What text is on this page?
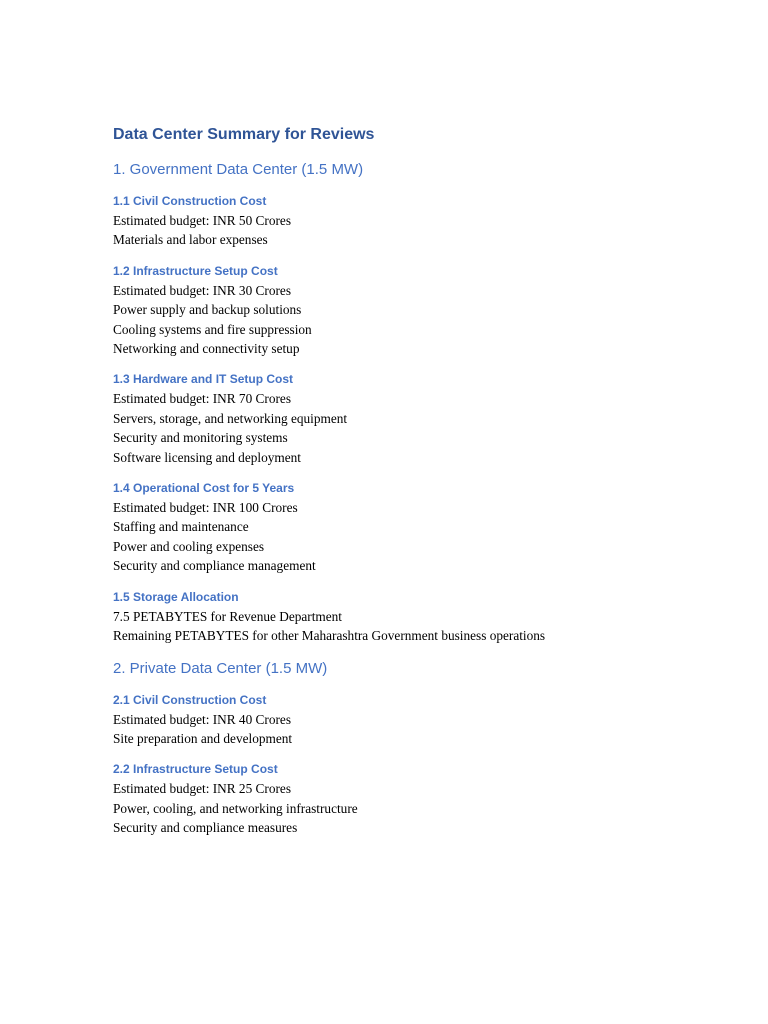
Data Center Summary for Reviews
1. Government Data Center (1.5 MW)
1.1 Civil Construction Cost
Estimated budget: INR 50 Crores
Materials and labor expenses
1.2 Infrastructure Setup Cost
Estimated budget: INR 30 Crores
Power supply and backup solutions
Cooling systems and fire suppression
Networking and connectivity setup
1.3 Hardware and IT Setup Cost
Estimated budget: INR 70 Crores
Servers, storage, and networking equipment
Security and monitoring systems
Software licensing and deployment
1.4 Operational Cost for 5 Years
Estimated budget: INR 100 Crores
Staffing and maintenance
Power and cooling expenses
Security and compliance management
1.5 Storage Allocation
7.5 PETABYTES for Revenue Department
Remaining PETABYTES for other Maharashtra Government business operations
2. Private Data Center (1.5 MW)
2.1 Civil Construction Cost
Estimated budget: INR 40 Crores
Site preparation and development
2.2 Infrastructure Setup Cost
Estimated budget: INR 25 Crores
Power, cooling, and networking infrastructure
Security and compliance measures
